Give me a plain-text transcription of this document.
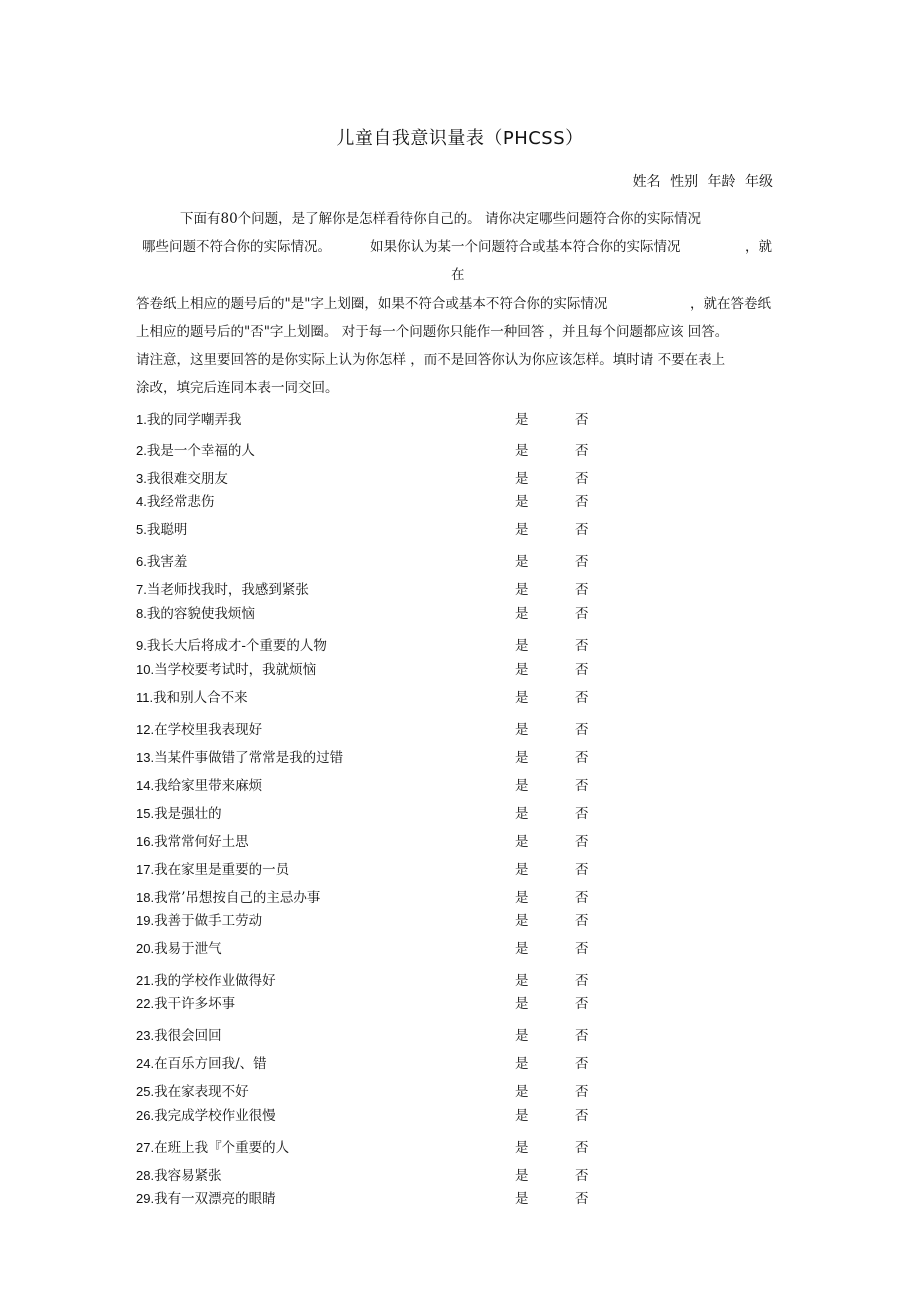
儿童自我意识量表（PHCSS）
姓名 性别 年龄 年级
下面有80个问题，是了解你是怎样看待你自己的。 请你决定哪些问题符合你的实际情况
哪些问题不符合你的实际情况。	如果你认为某一个问题符合或基本符合你的实际情况	，就
在
答卷纸上相应的题号后的"是"字上划圈，如果不符合或基本不符合你的实际情况	，就在答卷纸
上相应的题号后的"否"字上划圈。 对于每一个问题你只能作一种回答 ，并且每个问题都应该 回答。
请注意，这里要回答的是你实际上认为你怎样 ，而不是回答你认为你应该怎样。填时请 不要在表上
涂改，填完后连同本表一同交回。
1.我的同学嘲弄我	是	否
2.我是一个幸福的人	是	否
3.我很难交朋友	是	否
4.我经常悲伤	是	否
5.我聪明	是	否
6.我害羞	是	否
7.当老师找我时，我感到紧张	是	否
8.我的容貌使我烦恼	是	否
9.我长大后将成才-个重要的人物	是	否
10.当学校要考试时，我就烦恼	是	否
11.我和别人合不来	是	否
12.在学校里我表现好	是	否
13.当某件事做错了常常是我的过错	是	否
14.我给家里带来麻烦	是	否
15.我是强壮的	是	否
16.我常常何好土思	是	否
17.我在家里是重要的一员	是	否
18.我常’吊想按自己的主忌办事	是	否
19.我善于做手工劳动	是	否
20.我易于泄气	是	否
21.我的学校作业做得好	是	否
22.我干许多坏事	是	否
23.我很会回回	是	否
24.在百乐方回我/、错	是	否
25.我在家表现不好	是	否
26.我完成学校作业很慢	是	否
27.在班上我『个重要的人	是	否
28.我容易紧张	是	否
29.我有一双漂亮的眼睛	是	否
